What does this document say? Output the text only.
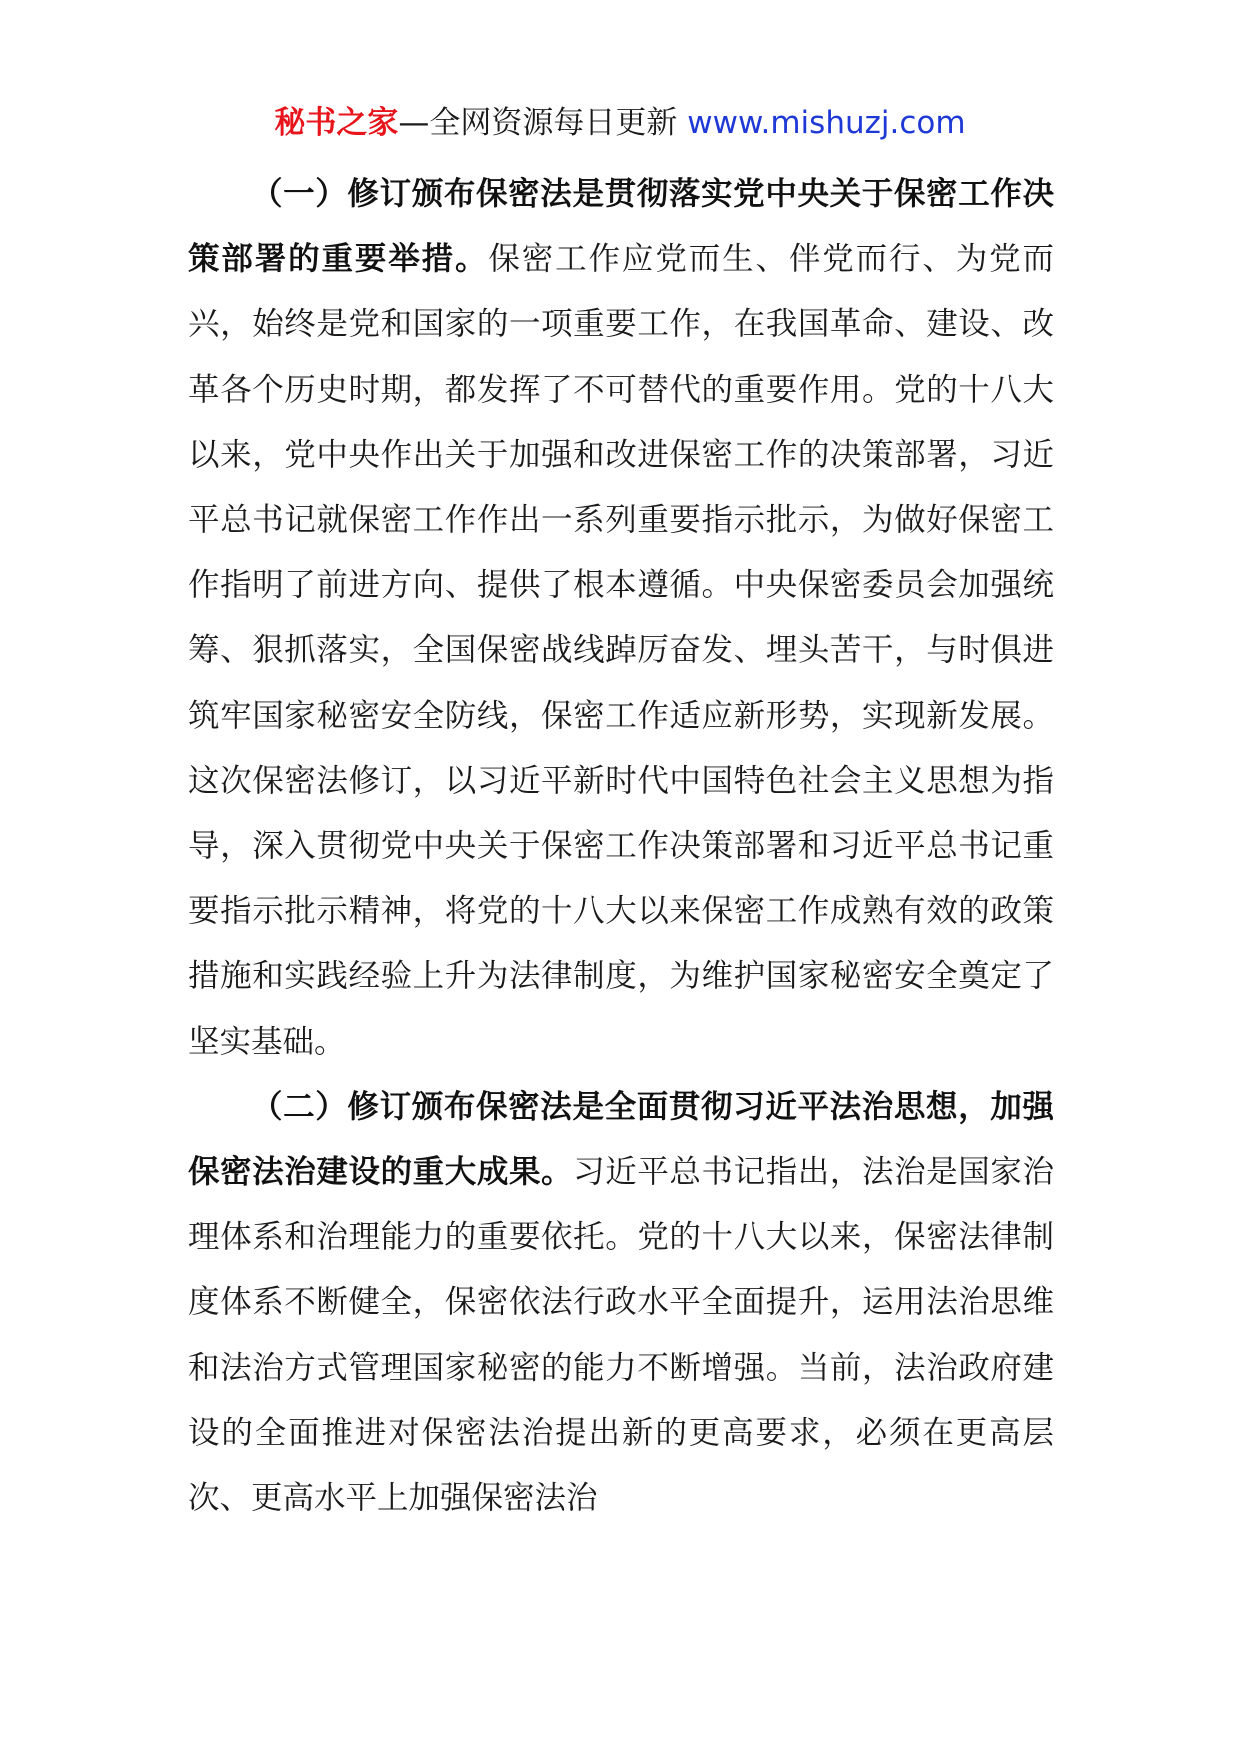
秘书之家—全网资源每日更新 www.mishuzj.com

（一）修订颁布保密法是贯彻落实党中央关于保密工作决策部署的重要举措。保密工作应党而生、伴党而行、为党而兴，始终是党和国家的一项重要工作，在我国革命、建设、改革各个历史时期，都发挥了不可替代的重要作用。党的十八大以来，党中央作出关于加强和改进保密工作的决策部署，习近平总书记就保密工作作出一系列重要指示批示，为做好保密工作指明了前进方向、提供了根本遵循。中央保密委员会加强统筹、狠抓落实，全国保密战线踔厉奋发、埋头苦干，与时俱进筑牢国家秘密安全防线，保密工作适应新形势，实现新发展。这次保密法修订，以习近平新时代中国特色社会主义思想为指导，深入贯彻党中央关于保密工作决策部署和习近平总书记重要指示批示精神，将党的十八大以来保密工作成熟有效的政策措施和实践经验上升为法律制度，为维护国家秘密安全奠定了坚实基础。

（二）修订颁布保密法是全面贯彻习近平法治思想，加强保密法治建设的重大成果。习近平总书记指出，法治是国家治理体系和治理能力的重要依托。党的十八大以来，保密法律制度体系不断健全，保密依法行政水平全面提升，运用法治思维和法治方式管理国家秘密的能力不断增强。当前，法治政府建设的全面推进对保密法治提出新的更高要求，必须在更高层次、更高水平上加强保密法治
